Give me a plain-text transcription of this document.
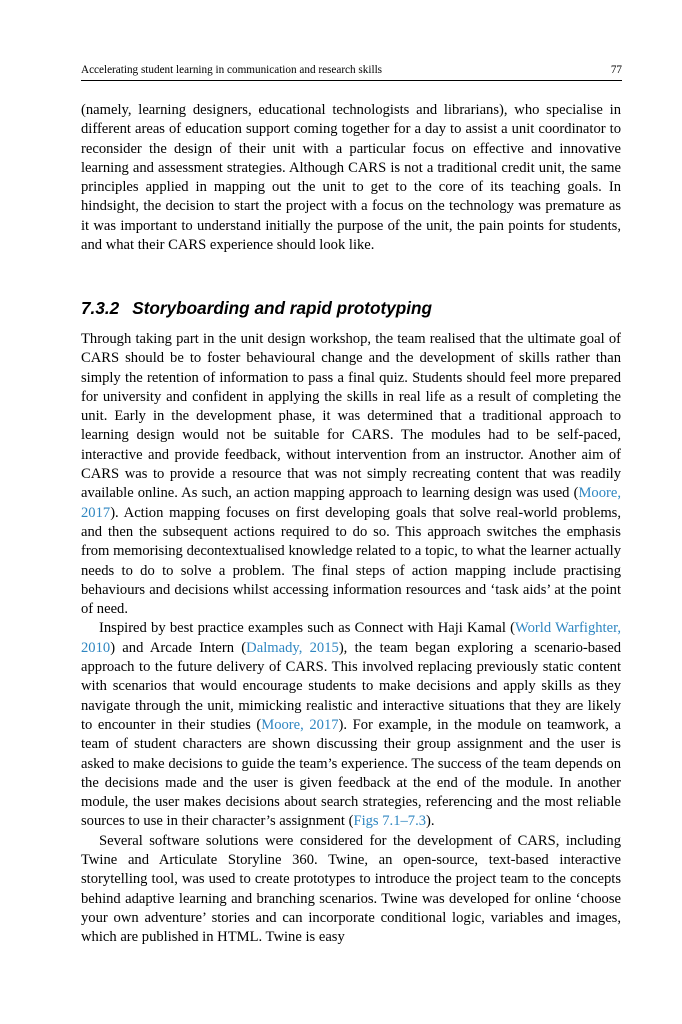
Accelerating student learning in communication and research skills	77

(namely, learning designers, educational technologists and librarians), who specialise in different areas of education support coming together for a day to assist a unit coordinator to reconsider the design of their unit with a particular focus on effective and innovative learning and assessment strategies. Although CARS is not a traditional credit unit, the same principles applied in mapping out the unit to get to the core of its teaching goals. In hindsight, the decision to start the project with a focus on the technology was premature as it was important to understand initially the purpose of the unit, the pain points for students, and what their CARS experience should look like.

7.3.2 Storyboarding and rapid prototyping

Through taking part in the unit design workshop, the team realised that the ultimate goal of CARS should be to foster behavioural change and the development of skills rather than simply the retention of information to pass a final quiz. Students should feel more prepared for university and confident in applying the skills in real life as a result of completing the unit. Early in the development phase, it was determined that a traditional approach to learning design would not be suitable for CARS. The modules had to be self-paced, interactive and provide feedback, without intervention from an instructor. Another aim of CARS was to provide a resource that was not simply recreating content that was readily available online. As such, an action mapping approach to learning design was used (Moore, 2017). Action mapping focuses on first developing goals that solve real-world problems, and then the subsequent actions required to do so. This approach switches the emphasis from memorising decontextualised knowledge related to a topic, to what the learner actually needs to do to solve a problem. The final steps of action mapping include practising behaviours and decisions whilst accessing information resources and ‘task aids’ at the point of need.

Inspired by best practice examples such as Connect with Haji Kamal (World Warfighter, 2010) and Arcade Intern (Dalmady, 2015), the team began exploring a scenario-based approach to the future delivery of CARS. This involved replacing previously static content with scenarios that would encourage students to make decisions and apply skills as they navigate through the unit, mimicking realistic and interactive situations that they are likely to encounter in their studies (Moore, 2017). For example, in the module on teamwork, a team of student characters are shown discussing their group assignment and the user is asked to make decisions to guide the team’s experience. The success of the team depends on the decisions made and the user is given feedback at the end of the module. In another module, the user makes decisions about search strategies, referencing and the most reliable sources to use in their character’s assignment (Figs 7.1–7.3).

Several software solutions were considered for the development of CARS, including Twine and Articulate Storyline 360. Twine, an open-source, text-based interactive storytelling tool, was used to create prototypes to introduce the project team to the concepts behind adaptive learning and branching scenarios. Twine was developed for online ‘choose your own adventure’ stories and can incorporate conditional logic, variables and images, which are published in HTML. Twine is easy
